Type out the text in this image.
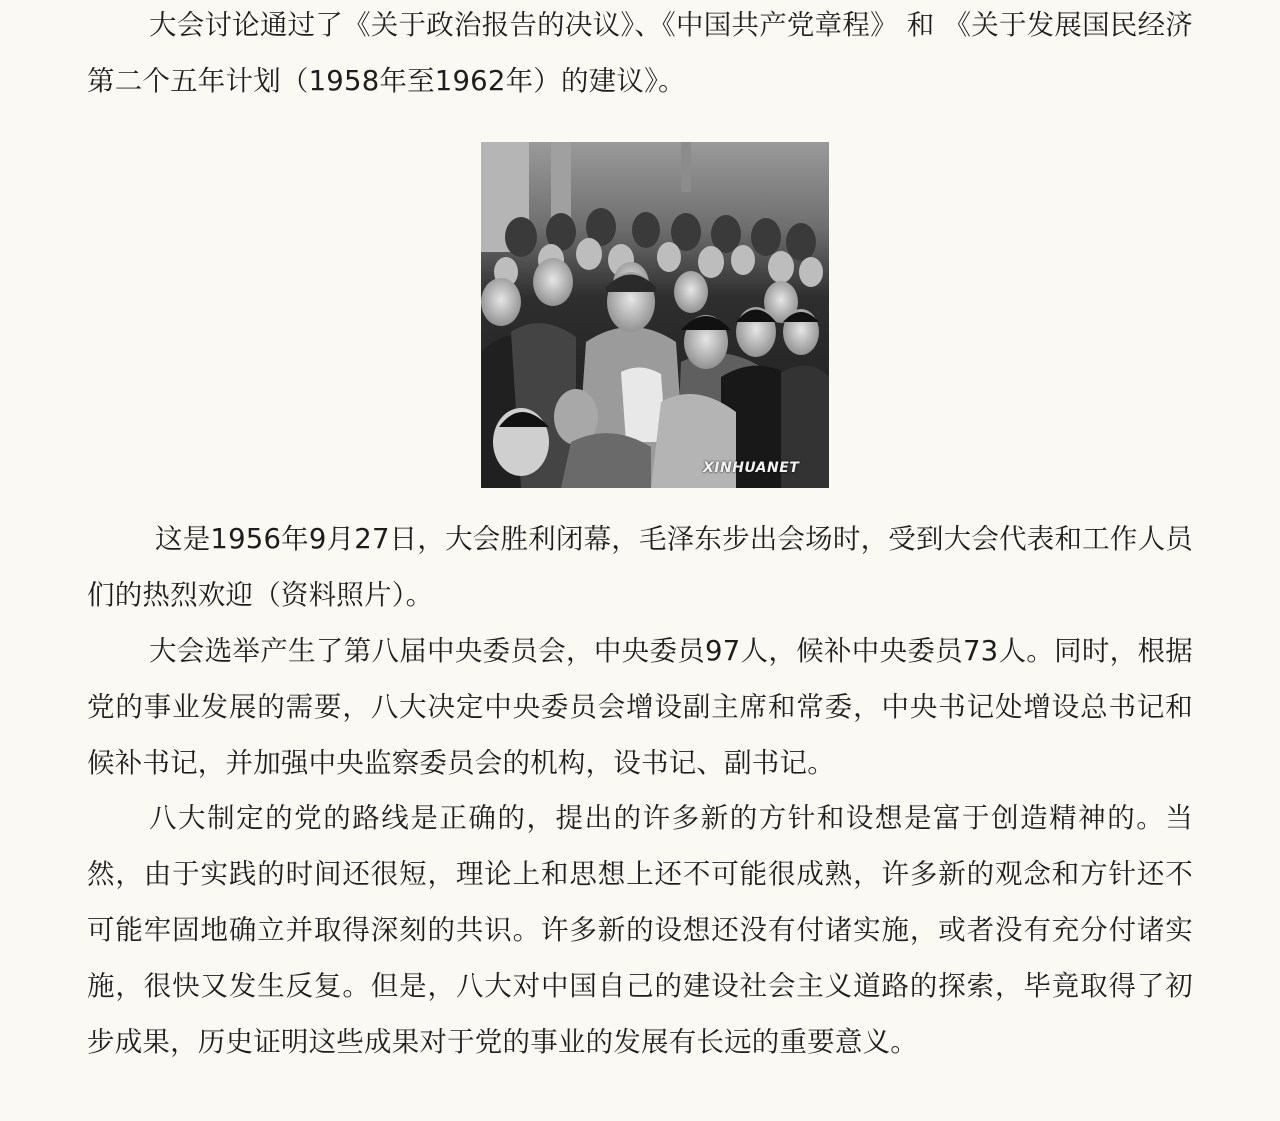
大会讨论通过了《关于政治报告的决议》、《中国共产党章程》 和 《关于发展国民经济第二个五年计划（1958年至1962年）的建议》。

XINHUANET

这是1956年9月27日，大会胜利闭幕，毛泽东步出会场时，受到大会代表和工作人员们的热烈欢迎（资料照片）。

大会选举产生了第八届中央委员会，中央委员97人，候补中央委员73人。同时，根据党的事业发展的需要，八大决定中央委员会增设副主席和常委，中央书记处增设总书记和候补书记，并加强中央监察委员会的机构，设书记、副书记。

八大制定的党的路线是正确的，提出的许多新的方针和设想是富于创造精神的。当然，由于实践的时间还很短，理论上和思想上还不可能很成熟，许多新的观念和方针还不可能牢固地确立并取得深刻的共识。许多新的设想还没有付诸实施，或者没有充分付诸实施，很快又发生反复。但是，八大对中国自己的建设社会主义道路的探索，毕竟取得了初步成果，历史证明这些成果对于党的事业的发展有长远的重要意义。
